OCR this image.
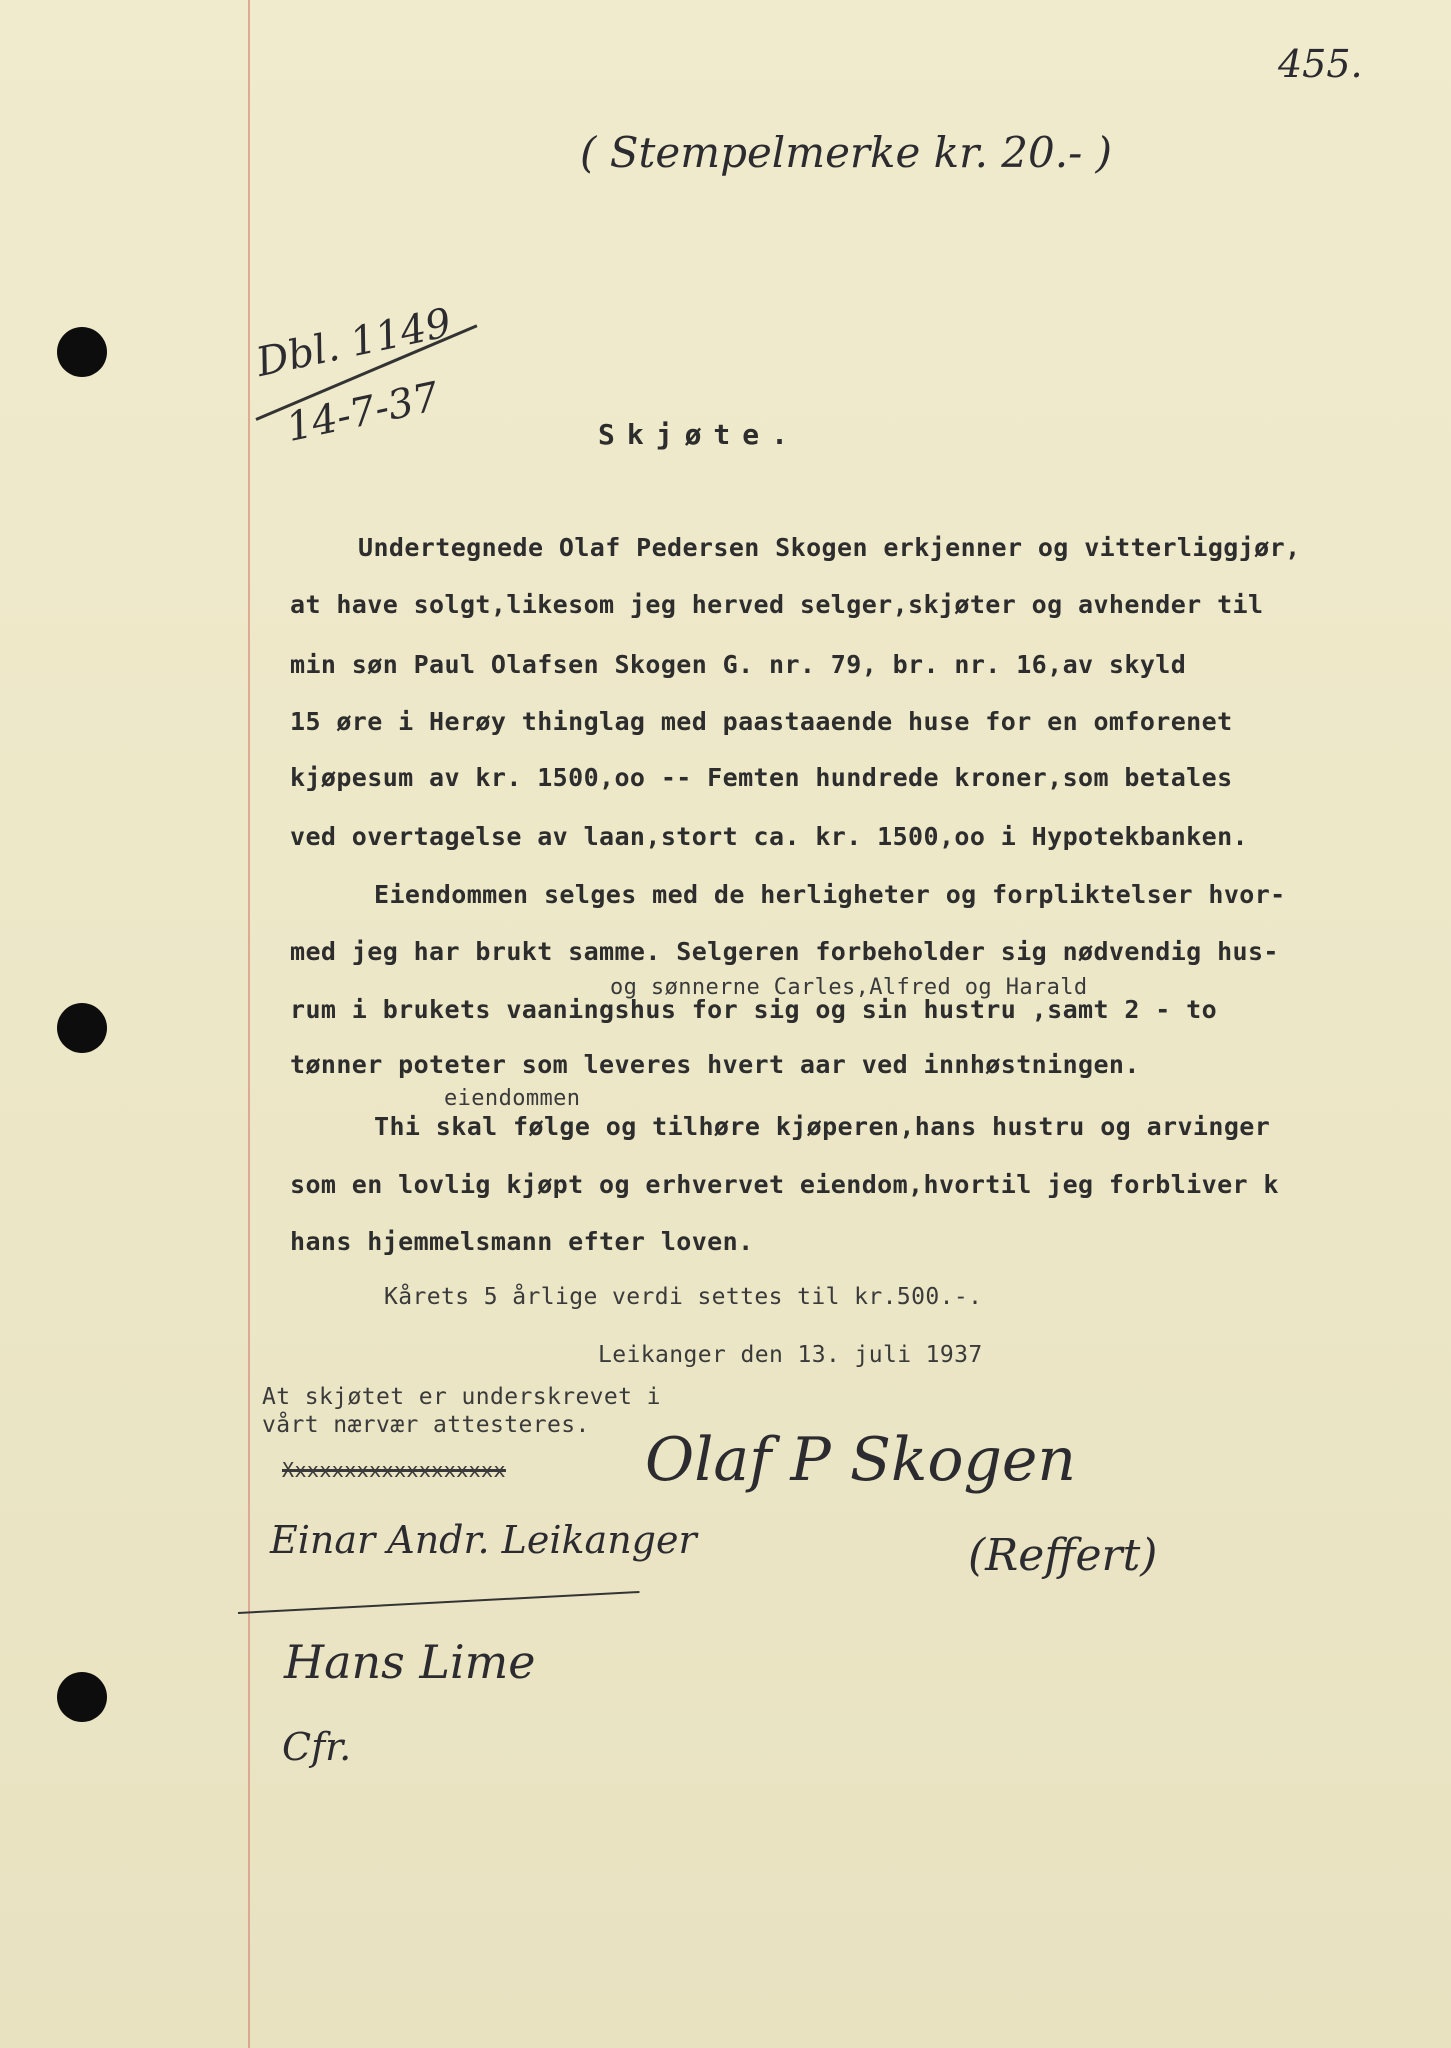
455.
( Stempelmerke kr. 20.- )
Dbl. 1149
14-7-37	Skjøte.
Undertegnede Olaf Pedersen Skogen erkjenner og vitterliggjør,
at have solgt,likesom jeg herved selger,skjøter og avhender til
min søn Paul Olafsen Skogen G. nr. 79, br. nr. 16,av skyld
15 øre i Herøy thinglag med paastaaende huse for en omforenet
kjøpesum av kr. 1500,oo -- Femten hundrede kroner,som betales
ved overtagelse av laan,stort ca. kr. 1500,oo i Hypotekbanken.
Eiendommen selges med de herligheter og forpliktelser hvor-
med jeg har brukt samme. Selgeren forbeholder sig nødvendig hus-
og sønnerne Carles,Alfred og Harald
rum i brukets vaaningshus for sig og sin hustru ,samt 2 - to
tønner poteter som leveres hvert aar ved innhøstningen.
eiendommen
Thi skal følge og tilhøre kjøperen,hans hustru og arvinger
som en lovlig kjøpt og erhvervet eiendom,hvortil jeg forbliver k
hans hjemmelsmann efter loven.
Kårets 5 årlige verdi settes til kr.500.-.
Leikanger den 13. juli 1937
At skjøtet er underskrevet i
vårt nærvær attesteres.
Xxxxxxxxxxxxxxxxxx Olaf P Skogen
(Reffert)
Einar Andr. Leikanger
Hans Lime
Cfr.
